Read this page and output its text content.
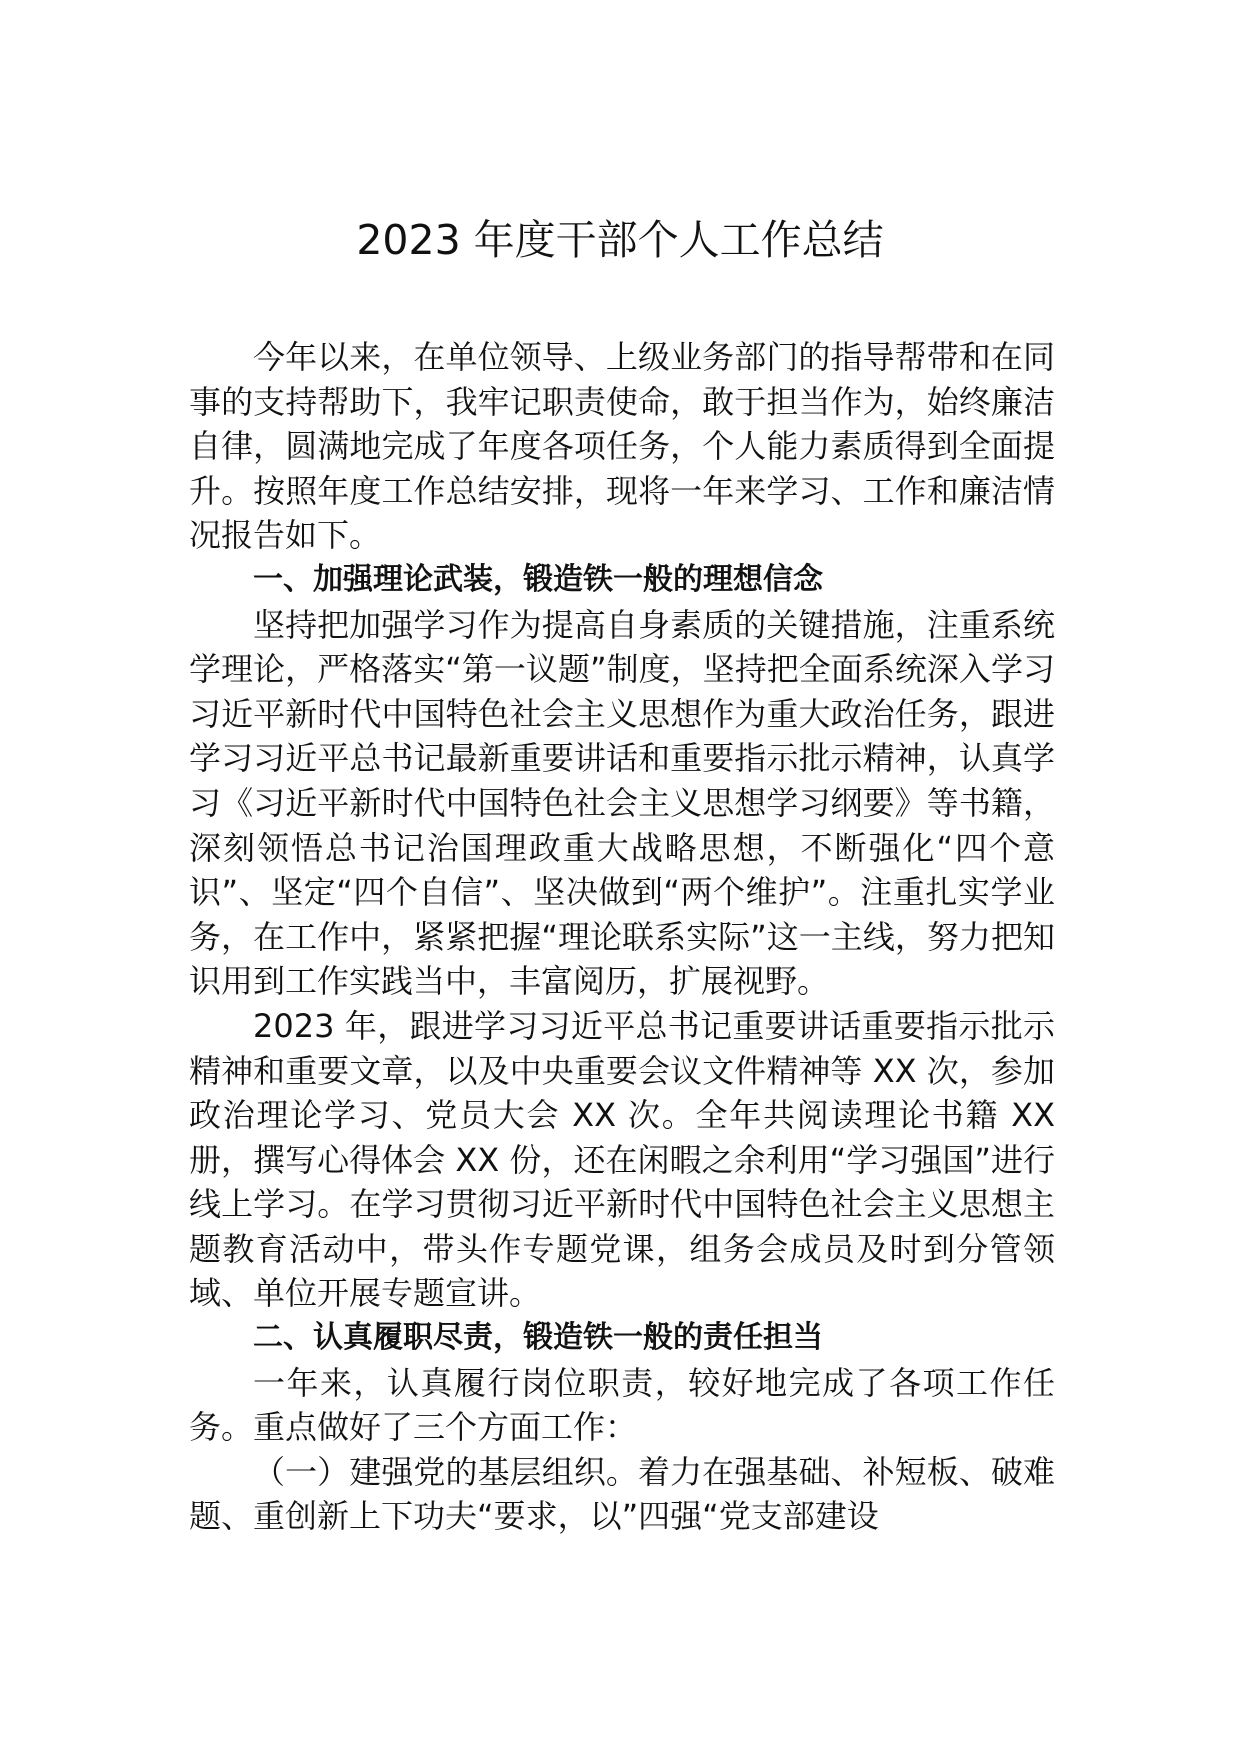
2023 年度干部个人工作总结

今年以来，在单位领导、上级业务部门的指导帮带和在同事的支持帮助下，我牢记职责使命，敢于担当作为，始终廉洁自律，圆满地完成了年度各项任务，个人能力素质得到全面提升。按照年度工作总结安排，现将一年来学习、工作和廉洁情况报告如下。

一、加强理论武装，锻造铁一般的理想信念

坚持把加强学习作为提高自身素质的关键措施，注重系统学理论，严格落实“第一议题”制度，坚持把全面系统深入学习习近平新时代中国特色社会主义思想作为重大政治任务，跟进学习习近平总书记最新重要讲话和重要指示批示精神，认真学习《习近平新时代中国特色社会主义思想学习纲要》等书籍，深刻领悟总书记治国理政重大战略思想，不断强化“四个意识”、坚定“四个自信”、坚决做到“两个维护”。注重扎实学业务，在工作中，紧紧把握“理论联系实际”这一主线，努力把知识用到工作实践当中，丰富阅历，扩展视野。

2023 年，跟进学习习近平总书记重要讲话重要指示批示精神和重要文章，以及中央重要会议文件精神等 XX 次，参加政治理论学习、党员大会 XX 次。全年共阅读理论书籍 XX 册，撰写心得体会 XX 份，还在闲暇之余利用“学习强国”进行线上学习。在学习贯彻习近平新时代中国特色社会主义思想主题教育活动中，带头作专题党课，组务会成员及时到分管领域、单位开展专题宣讲。

二、认真履职尽责，锻造铁一般的责任担当

一年来，认真履行岗位职责，较好地完成了各项工作任务。重点做好了三个方面工作：

（一）建强党的基层组织。着力在强基础、补短板、破难题、重创新上下功夫“要求，以”四强“党支部建设
